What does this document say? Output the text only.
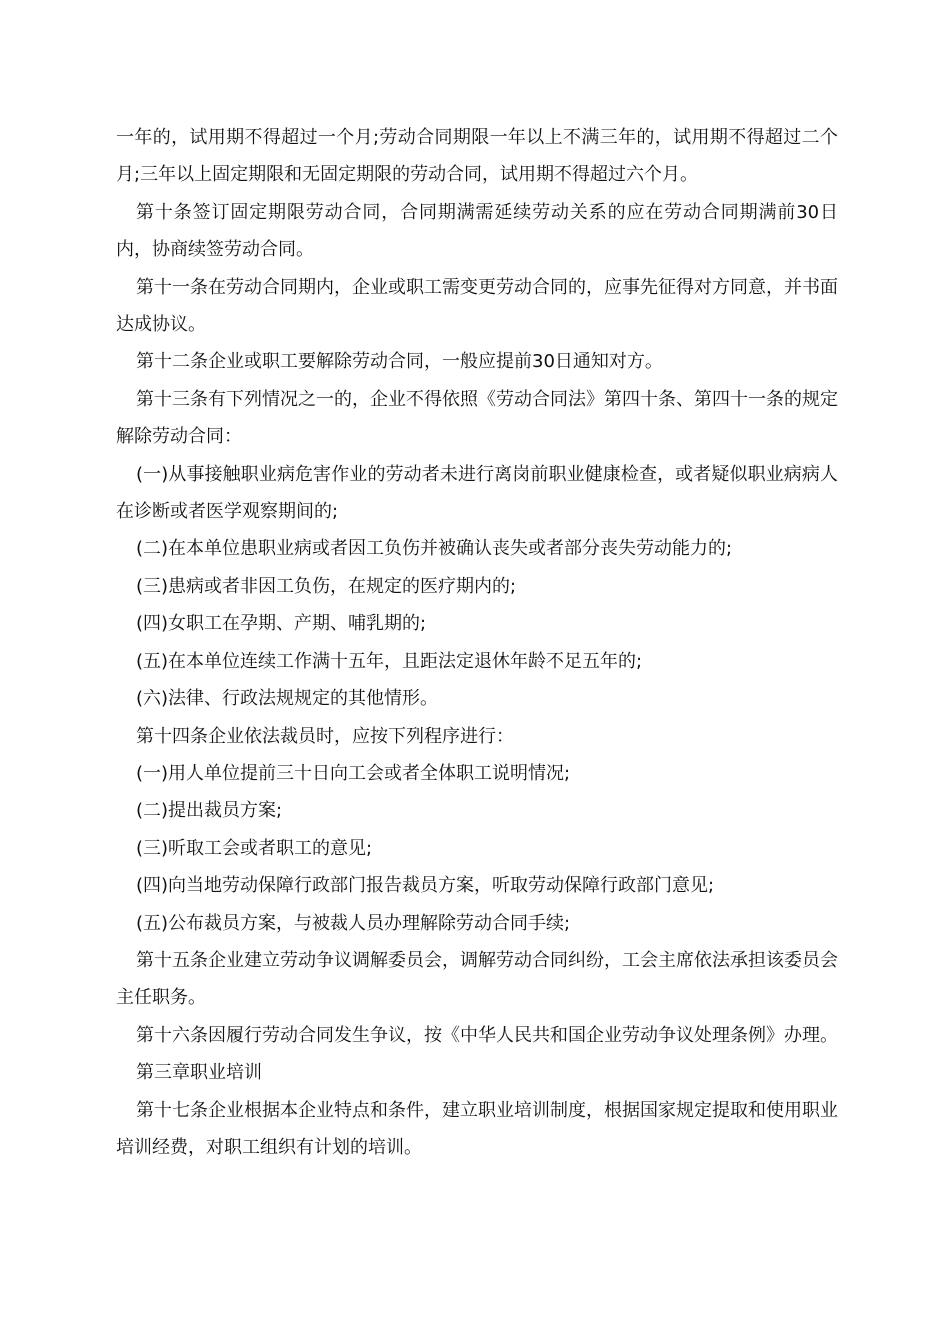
一年的，试用期不得超过一个月;劳动合同期限一年以上不满三年的，试用期不得超过二个月;三年以上固定期限和无固定期限的劳动合同，试用期不得超过六个月。

第十条签订固定期限劳动合同，合同期满需延续劳动关系的应在劳动合同期满前30日内，协商续签劳动合同。

第十一条在劳动合同期内，企业或职工需变更劳动合同的，应事先征得对方同意，并书面达成协议。

第十二条企业或职工要解除劳动合同，一般应提前30日通知对方。

第十三条有下列情况之一的，企业不得依照《劳动合同法》第四十条、第四十一条的规定解除劳动合同：

(一)从事接触职业病危害作业的劳动者未进行离岗前职业健康检查，或者疑似职业病病人在诊断或者医学观察期间的;

(二)在本单位患职业病或者因工负伤并被确认丧失或者部分丧失劳动能力的;

(三)患病或者非因工负伤，在规定的医疗期内的;

(四)女职工在孕期、产期、哺乳期的;

(五)在本单位连续工作满十五年，且距法定退休年龄不足五年的;

(六)法律、行政法规规定的其他情形。

第十四条企业依法裁员时，应按下列程序进行：

(一)用人单位提前三十日向工会或者全体职工说明情况;

(二)提出裁员方案;

(三)听取工会或者职工的意见;

(四)向当地劳动保障行政部门报告裁员方案，听取劳动保障行政部门意见;

(五)公布裁员方案，与被裁人员办理解除劳动合同手续;

第十五条企业建立劳动争议调解委员会，调解劳动合同纠纷，工会主席依法承担该委员会主任职务。

第十六条因履行劳动合同发生争议，按《中华人民共和国企业劳动争议处理条例》办理。

第三章职业培训

第十七条企业根据本企业特点和条件，建立职业培训制度，根据国家规定提取和使用职业培训经费，对职工组织有计划的培训。
